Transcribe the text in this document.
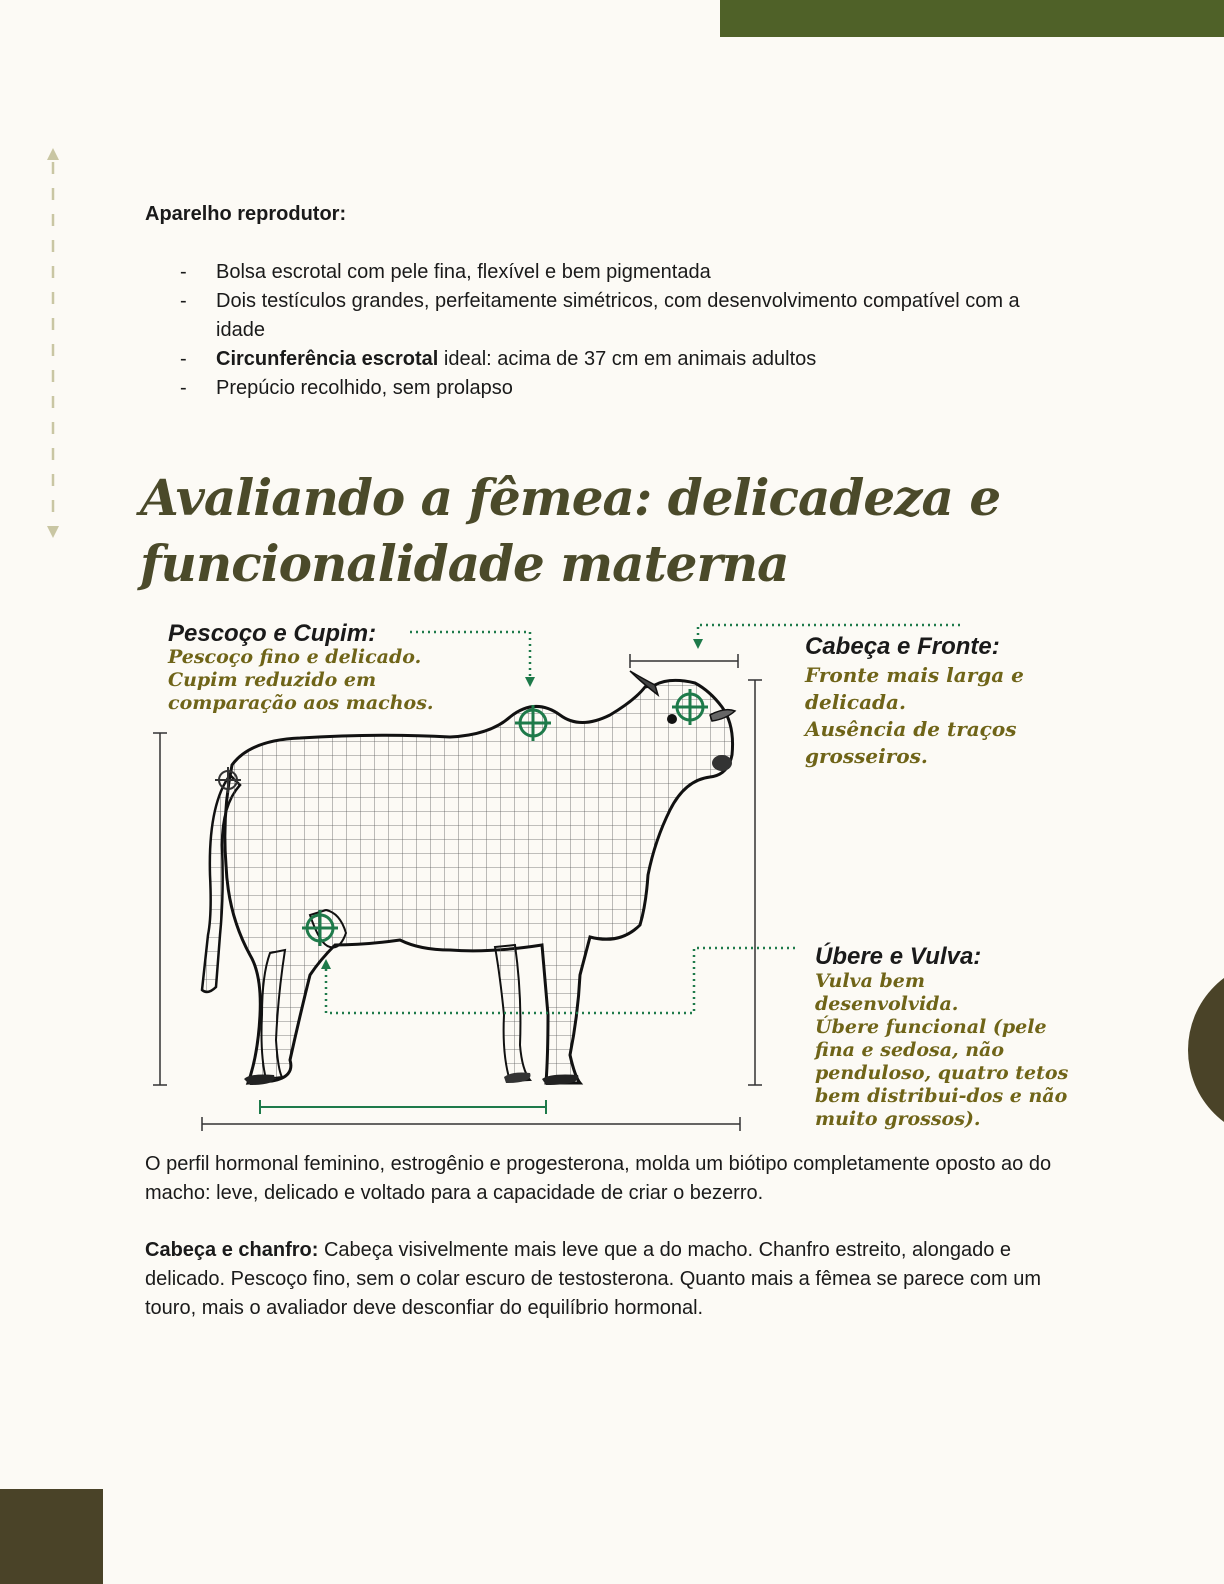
Aparelho reprodutor:
- Bolsa escrotal com pele fina, flexível e bem pigmentada
- Dois testículos grandes, perfeitamente simétricos, com desenvolvimento compatível com a idade
- Circunferência escrotal ideal: acima de 37 cm em animais adultos
- Prepúcio recolhido, sem prolapso
Avaliando a fêmea: delicadeza e
funcionalidade materna
Pescoço e Cupim:

Pescoço fino e delicado.
Cupim reduzido em
comparação aos machos.

Cabeça e Fronte:

Fronte mais larga e
delicada.
Ausência de traços
grosseiros.

Úbere e Vulva:

Vulva bem
desenvolvida.
Úbere funcional (pele
fina e sedosa, não
penduloso, quatro tetos
bem distribui-dos e não
muito grossos).

O perfil hormonal feminino, estrogênio e progesterona, molda um biótipo completamente oposto ao do macho: leve, delicado e voltado para a capacidade de criar o bezerro.

Cabeça e chanfro: Cabeça visivelmente mais leve que a do macho. Chanfro estreito, alongado e delicado. Pescoço fino, sem o colar escuro de testosterona. Quanto mais a fêmea se parece com um touro, mais o avaliador deve desconfiar do equilíbrio hormonal.
